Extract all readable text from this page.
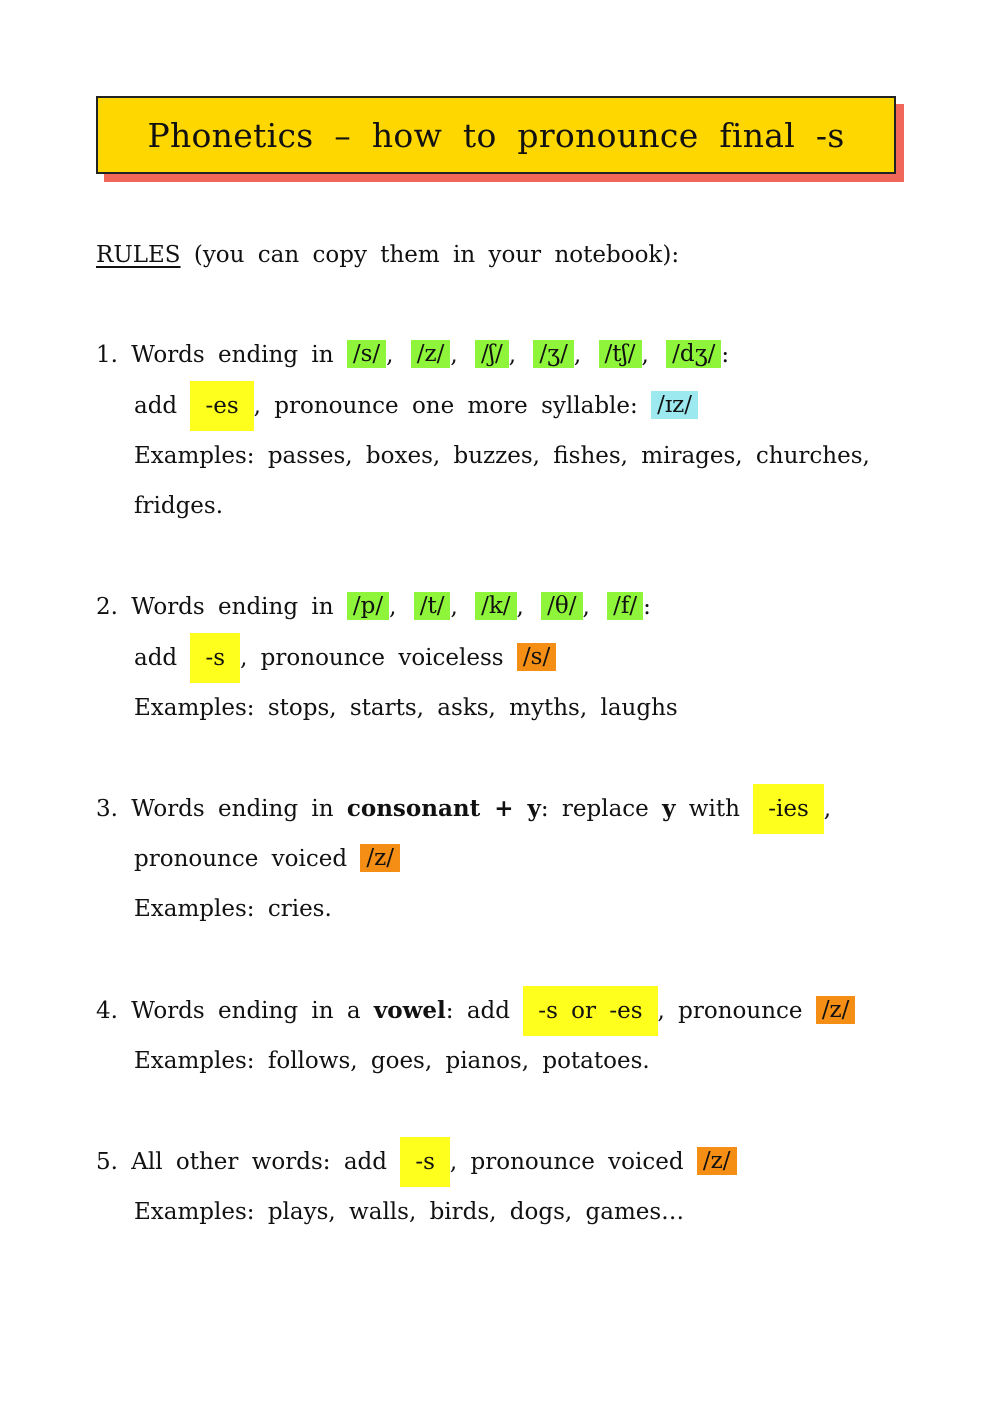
Phonetics – how to pronounce final -s
RULES (you can copy them in your notebook):
1. Words ending in /s/ , /z/ , /ʃ/ , /ʒ/ , /tʃ/ , /dʒ/ :
add -es , pronounce one more syllable: /ɪz/
Examples: passes, boxes, buzzes, fishes, mirages, churches,
fridges.
2. Words ending in /p/ , /t/ , /k/ , /θ/ , /f/ :
add -s , pronounce voiceless /s/
Examples: stops, starts, asks, myths, laughs
3. Words ending in consonant + y: replace y with -ies ,
pronounce voiced /z/
Examples: cries.
4. Words ending in a vowel: add -s or -es , pronounce /z/
Examples: follows, goes, pianos, potatoes.
5. All other words: add -s , pronounce voiced /z/
Examples: plays, walls, birds, dogs, games…
